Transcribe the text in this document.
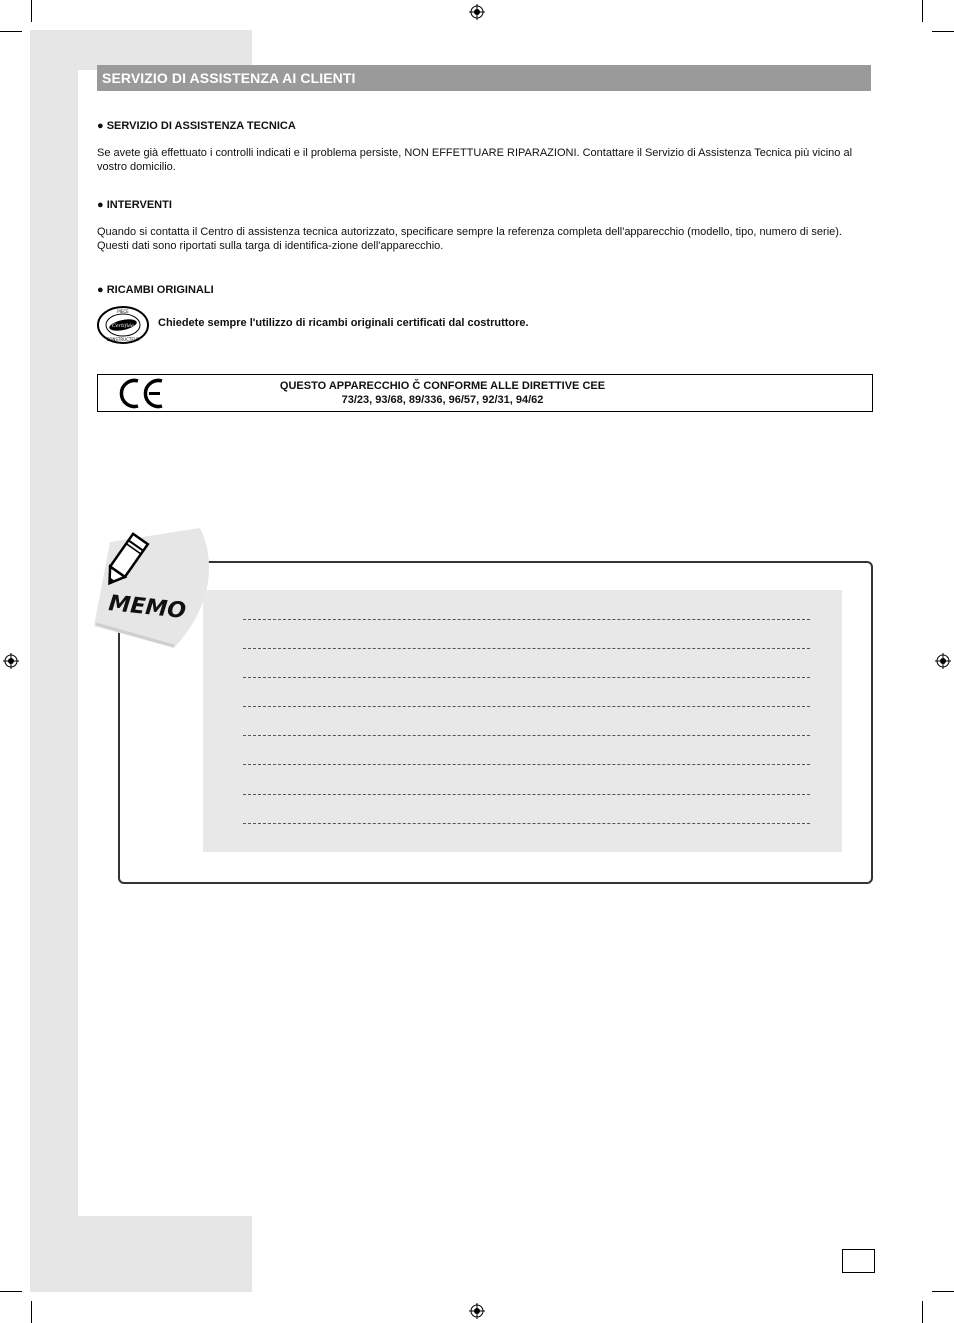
SERVIZIO DI ASSISTENZA AI CLIENTI
● SERVIZIO DI ASSISTENZA TECNICA
Se avete già effettuato i controlli indicati e il problema persiste, NON EFFETTUARE RIPARAZIONI. Contattare il Servizio di Assistenza Tecnica più vicino al vostro domicilio.
● INTERVENTI
Quando si contatta il Centro di assistenza tecnica autorizzato, specificare sempre la referenza completa dell'apparecchio (modello, tipo, numero di serie). Questi dati sono riportati sulla targa di identifica-zione dell'apparecchio.
● RICAMBI ORIGINALI
Certifiée
PIECE
CONSTRUCTEUR
Chiedete sempre l'utilizzo di ricambi originali certificati dal costruttore.
QUESTO APPARECCHIO Č CONFORME ALLE DIRETTIVE CEE
73/23, 93/68, 89/336, 96/57, 92/31, 94/62
MEMO
